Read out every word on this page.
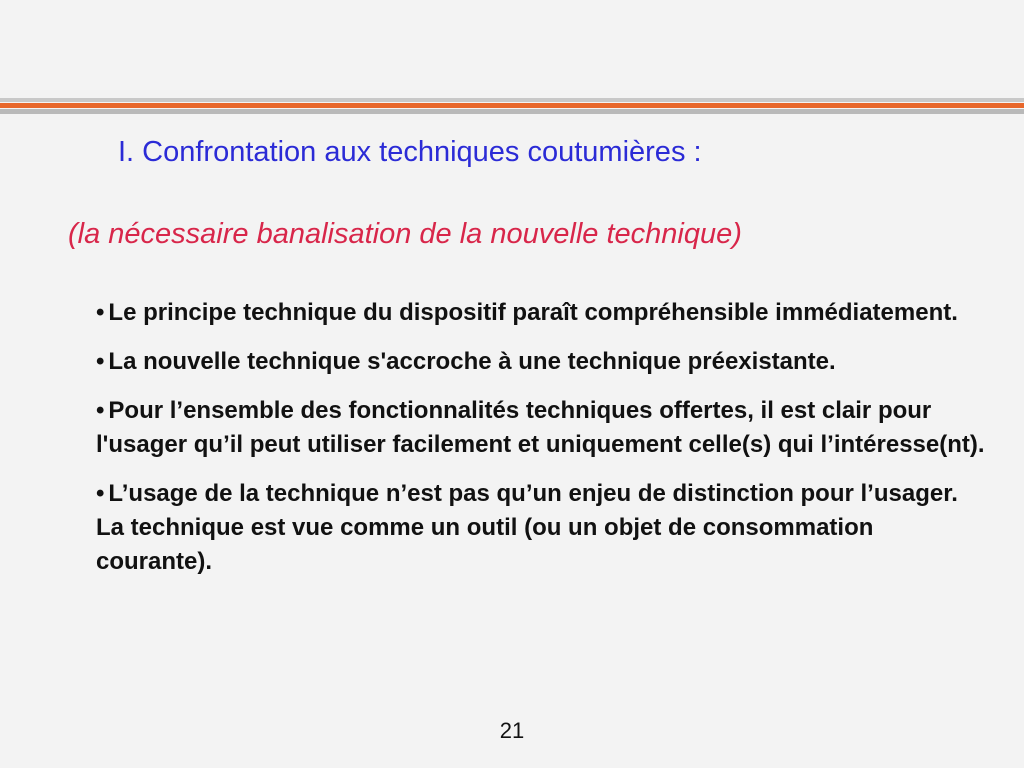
I. Confrontation aux techniques coutumières :
(la nécessaire banalisation de la nouvelle technique)
• Le principe technique du dispositif paraît compréhensible immédiatement.
• La nouvelle technique s'accroche à une technique préexistante.
• Pour l’ensemble des fonctionnalités techniques offertes, il est clair pour l'usager qu’il peut utiliser facilement et uniquement celle(s) qui l’intéresse(nt).
• L’usage de la technique n’est pas qu’un enjeu de distinction pour l’usager. La technique est vue comme un outil (ou un objet de consommation courante).
21
